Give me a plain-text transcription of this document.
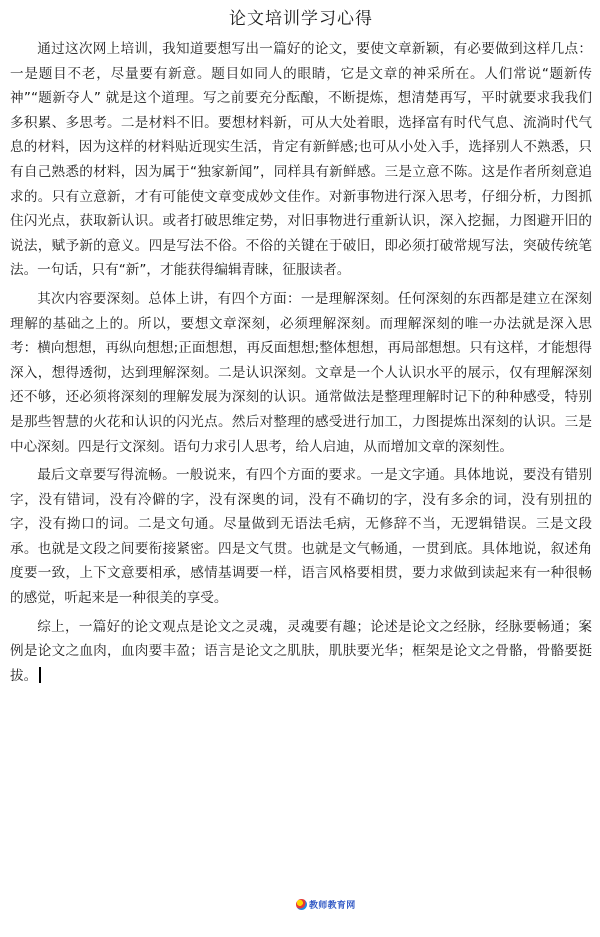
论文培训学习心得

通过这次网上培训，我知道要想写出一篇好的论文，要使文章新颖，有必要做到这样几点：一是题目不老，尽量要有新意。题目如同人的眼睛，它是文章的神采所在。人们常说“题新传神”“题新夺人” 就是这个道理。写之前要充分酝酿，不断提炼，想清楚再写，平时就要求我我们多积累、多思考。二是材料不旧。要想材料新，可从大处着眼，选择富有时代气息、流淌时代气息的材料，因为这样的材料贴近现实生活，肯定有新鲜感;也可从小处入手，选择别人不熟悉，只有自己熟悉的材料，因为属于“独家新闻”，同样具有新鲜感。三是立意不陈。这是作者所刻意追求的。只有立意新，才有可能使文章变成妙文佳作。对新事物进行深入思考，仔细分析，力图抓住闪光点，获取新认识。或者打破思维定势，对旧事物进行重新认识，深入挖掘，力图避开旧的说法，赋予新的意义。四是写法不俗。不俗的关键在于破旧，即必须打破常规写法，突破传统笔法。一句话，只有“新”，才能获得编辑青睐，征服读者。

其次内容要深刻。总体上讲，有四个方面：一是理解深刻。任何深刻的东西都是建立在深刻理解的基础之上的。所以，要想文章深刻，必须理解深刻。而理解深刻的唯一办法就是深入思考：横向想想，再纵向想想;正面想想，再反面想想;整体想想，再局部想想。只有这样，才能想得深入，想得透彻，达到理解深刻。二是认识深刻。文章是一个人认识水平的展示，仅有理解深刻还不够，还必须将深刻的理解发展为深刻的认识。通常做法是整理理解时记下的种种感受，特别是那些智慧的火花和认识的闪光点。然后对整理的感受进行加工，力图提炼出深刻的认识。三是中心深刻。四是行文深刻。语句力求引人思考，给人启迪，从而增加文章的深刻性。

最后文章要写得流畅。一般说来，有四个方面的要求。一是文字通。具体地说，要没有错别字，没有错词，没有冷僻的字，没有深奥的词，没有不确切的字，没有多余的词，没有别扭的字，没有拗口的词。二是文句通。尽量做到无语法毛病，无修辞不当，无逻辑错误。三是文段承。也就是文段之间要衔接紧密。四是文气贯。也就是文气畅通，一贯到底。具体地说，叙述角度要一致，上下文意要相承，感情基调要一样，语言风格要相贯，要力求做到读起来有一种很畅的感觉，听起来是一种很美的享受。

综上，一篇好的论文观点是论文之灵魂，灵魂要有趣；论述是论文之经脉，经脉要畅通；案例是论文之血肉，血肉要丰盈；语言是论文之肌肤，肌肤要光华；框架是论文之骨骼，骨骼要挺拔。

教师教育网
